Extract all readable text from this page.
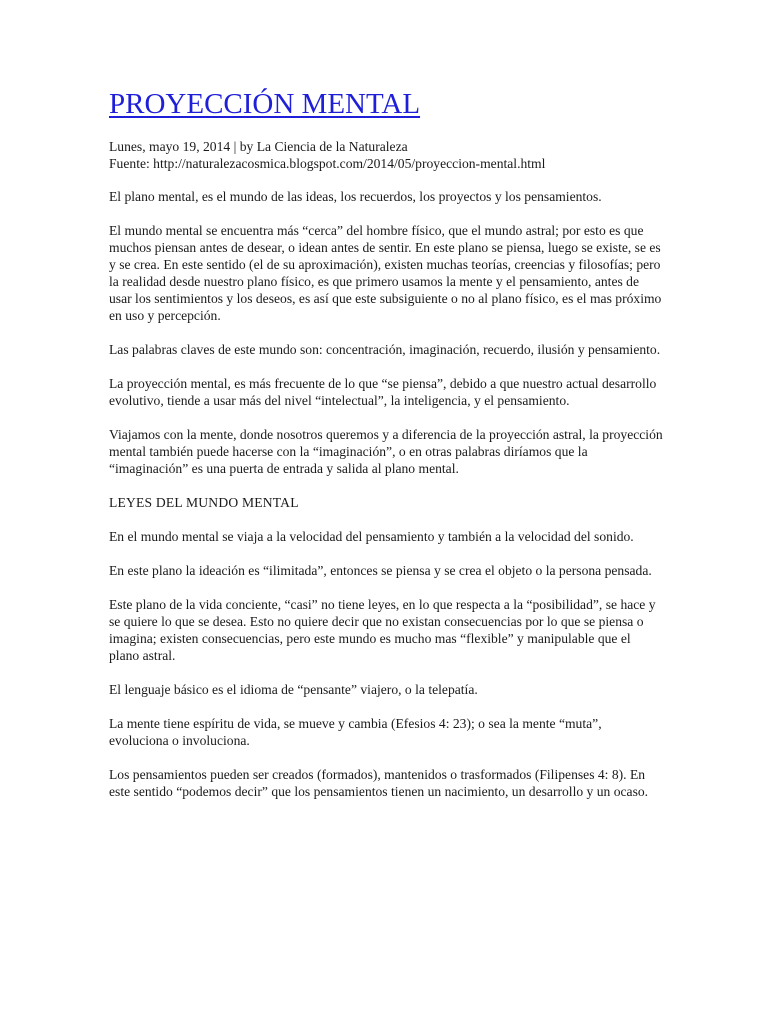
PROYECCIÓN MENTAL
Lunes, mayo 19, 2014 | by La Ciencia de la Naturaleza
Fuente: http://naturalezacosmica.blogspot.com/2014/05/proyeccion-mental.html

El plano mental, es el mundo de las ideas, los recuerdos, los proyectos y los pensamientos.

El mundo mental se encuentra más “cerca” del hombre físico, que el mundo astral; por esto es que muchos piensan antes de desear, o idean antes de sentir. En este plano se piensa, luego se existe, se es y se crea. En este sentido (el de su aproximación), existen muchas teorías, creencias y filosofías; pero la realidad desde nuestro plano físico, es que primero usamos la mente y el pensamiento, antes de usar los sentimientos y los deseos, es así que este subsiguiente o no al plano físico, es el mas próximo en uso y percepción.

Las palabras claves de este mundo son: concentración, imaginación, recuerdo, ilusión y pensamiento.

La proyección mental, es más frecuente de lo que “se piensa”, debido a que nuestro actual desarrollo evolutivo, tiende a usar más del nivel “intelectual”, la inteligencia, y el pensamiento.

Viajamos con la mente, donde nosotros queremos y a diferencia de la proyección astral, la proyección mental también puede hacerse con la “imaginación”, o en otras palabras diríamos que la “imaginación” es una puerta de entrada y salida al plano mental.

LEYES DEL MUNDO MENTAL

En el mundo mental se viaja a la velocidad del pensamiento y también a la velocidad del sonido.

En este plano la ideación es “ilimitada”, entonces se piensa y se crea el objeto o la persona pensada.

Este plano de la vida conciente, “casi” no tiene leyes, en lo que respecta a la “posibilidad”, se hace y se quiere lo que se desea. Esto no quiere decir que no existan consecuencias por lo que se piensa o imagina; existen consecuencias, pero este mundo es mucho mas “flexible” y manipulable que el plano astral.

El lenguaje básico es el idioma de “pensante” viajero, o la telepatía.

La mente tiene espíritu de vida, se mueve y cambia (Efesios 4: 23); o sea la mente “muta”, evoluciona o involuciona.

Los pensamientos pueden ser creados (formados), mantenidos o trasformados (Filipenses 4: 8). En este sentido “podemos decir” que los pensamientos tienen un nacimiento, un desarrollo y un ocaso.
